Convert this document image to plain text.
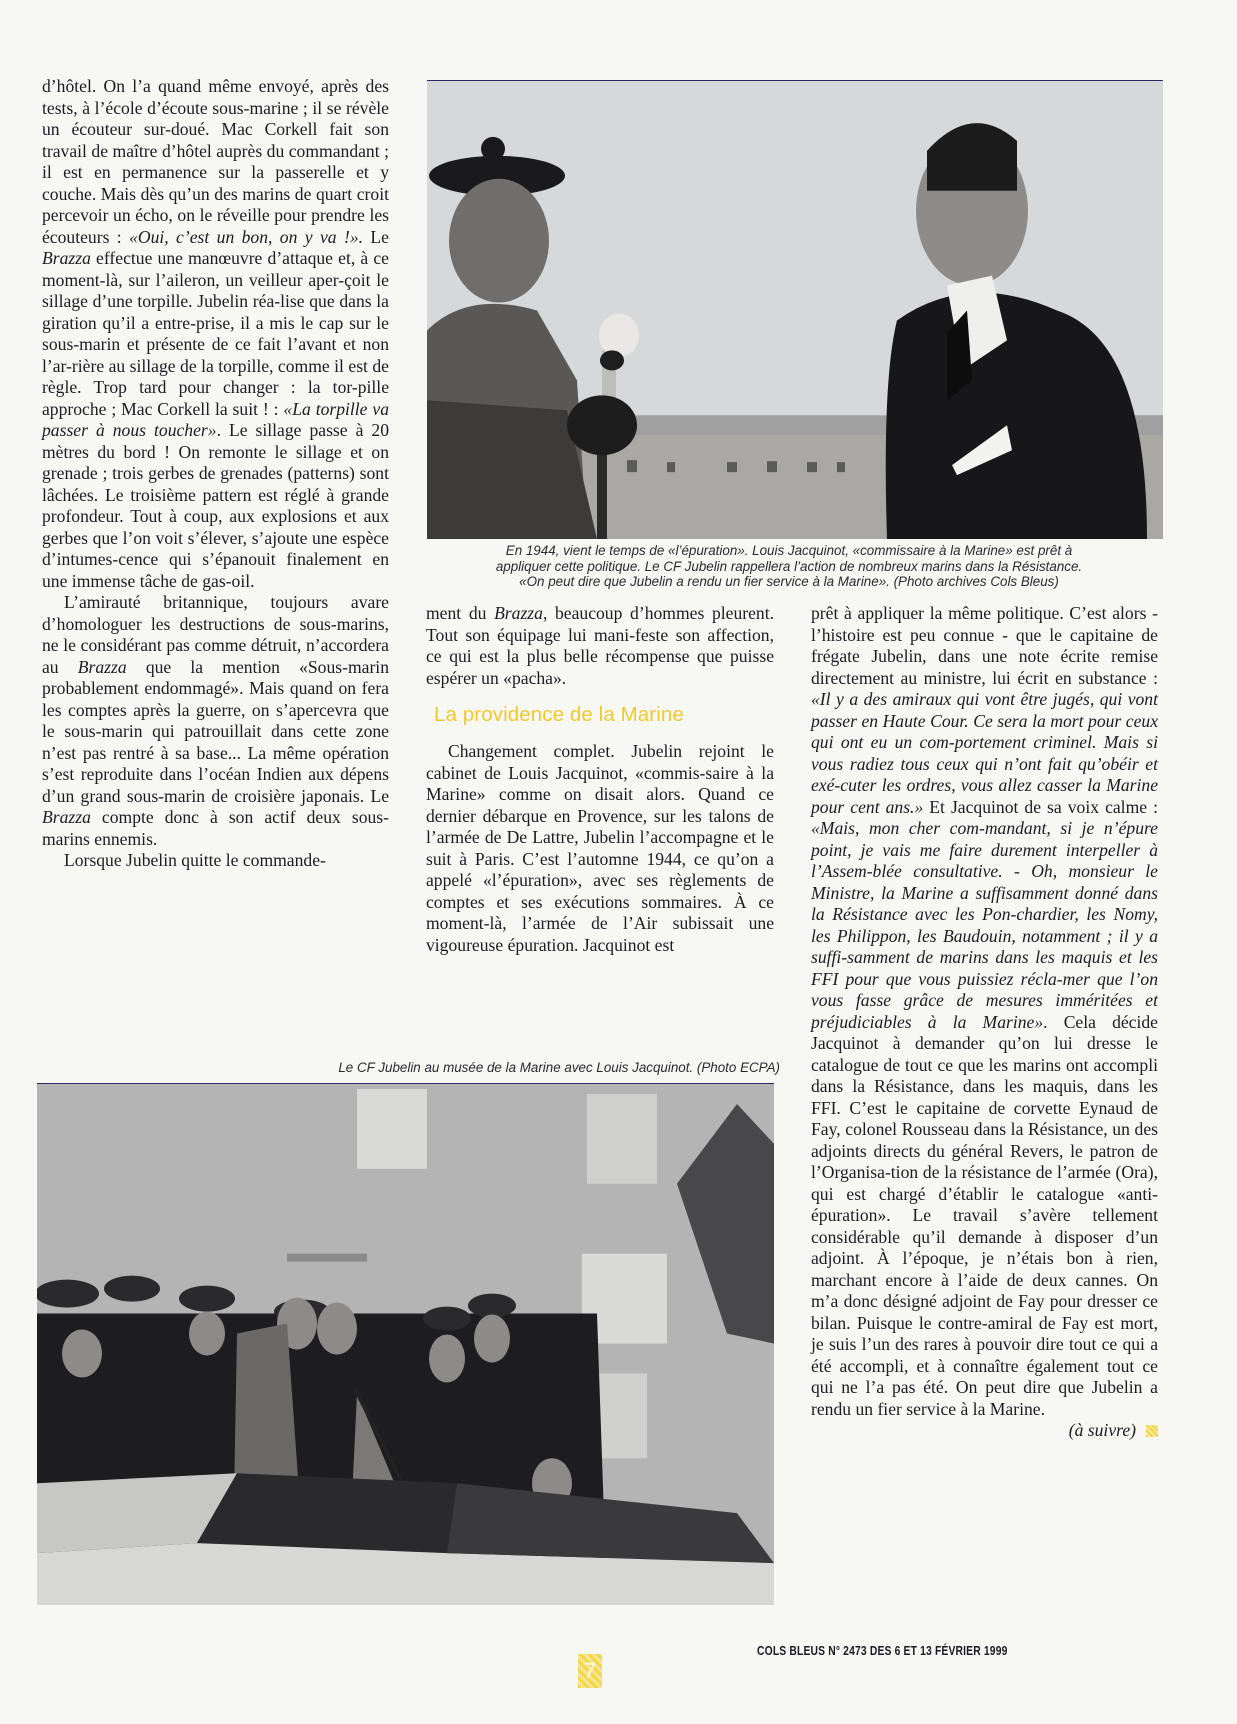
d’hôtel. On l’a quand même envoyé, après des tests, à l’école d’écoute sous-marine ; il se révèle un écouteur sur-doué. Mac Corkell fait son travail de maître d’hôtel auprès du commandant ; il est en permanence sur la passerelle et y couche. Mais dès qu’un des marins de quart croit percevoir un écho, on le réveille pour prendre les écouteurs : «Oui, c’est un bon, on y va !». Le Brazza effectue une manœuvre d’attaque et, à ce moment-là, sur l’aileron, un veilleur aper-çoit le sillage d’une torpille. Jubelin réa-lise que dans la giration qu’il a entre-prise, il a mis le cap sur le sous-marin et présente de ce fait l’avant et non l’ar-rière au sillage de la torpille, comme il est de règle. Trop tard pour changer : la tor-pille approche ; Mac Corkell la suit ! : «La torpille va passer à nous toucher». Le sillage passe à 20 mètres du bord ! On remonte le sillage et on grenade ; trois gerbes de grenades (patterns) sont lâchées. Le troisième pattern est réglé à grande profondeur. Tout à coup, aux explosions et aux gerbes que l’on voit s’élever, s’ajoute une espèce d’intumes-cence qui s’épanouit finalement en une immense tâche de gas-oil.

L’amirauté britannique, toujours avare d’homologuer les destructions de sous-marins, ne le considérant pas comme détruit, n’accordera au Brazza que la mention «Sous-marin probablement endommagé». Mais quand on fera les comptes après la guerre, on s’apercevra que le sous-marin qui patrouillait dans cette zone n’est pas rentré à sa base... La même opération s’est reproduite dans l’océan Indien aux dépens d’un grand sous-marin de croisière japonais. Le Brazza compte donc à son actif deux sous-marins ennemis.

Lorsque Jubelin quitte le commande-

En 1944, vient le temps de «l’épuration». Louis Jacquinot, «commissaire à la Marine» est prêt à
appliquer cette politique. Le CF Jubelin rappellera l’action de nombreux marins dans la Résistance.
«On peut dire que Jubelin a rendu un fier service à la Marine». (Photo archives Cols Bleus)

ment du Brazza, beaucoup d’hommes pleurent. Tout son équipage lui mani-feste son affection, ce qui est la plus belle récompense que puisse espérer un «pacha».

La providence de la Marine

Changement complet. Jubelin rejoint le cabinet de Louis Jacquinot, «commis-saire à la Marine» comme on disait alors. Quand ce dernier débarque en Provence, sur les talons de l’armée de De Lattre, Jubelin l’accompagne et le suit à Paris. C’est l’automne 1944, ce qu’on a appelé «l’épuration», avec ses règlements de comptes et ses exécutions sommaires. À ce moment-là, l’armée de l’Air subissait une vigoureuse épuration. Jacquinot est

prêt à appliquer la même politique. C’est alors - l’histoire est peu connue - que le capitaine de frégate Jubelin, dans une note écrite remise directement au ministre, lui écrit en substance : «Il y a des amiraux qui vont être jugés, qui vont passer en Haute Cour. Ce sera la mort pour ceux qui ont eu un com-portement criminel. Mais si vous radiez tous ceux qui n’ont fait qu’obéir et exé-cuter les ordres, vous allez casser la Marine pour cent ans.» Et Jacquinot de sa voix calme : «Mais, mon cher com-mandant, si je n’épure point, je vais me faire durement interpeller à l’Assem-blée consultative. - Oh, monsieur le Ministre, la Marine a suffisamment donné dans la Résistance avec les Pon-chardier, les Nomy, les Philippon, les Baudouin, notamment ; il y a suffi-samment de marins dans les maquis et les FFI pour que vous puissiez récla-mer que l’on vous fasse grâce de mesures imméritées et préjudiciables à la Marine». Cela décide Jacquinot à demander qu’on lui dresse le catalogue de tout ce que les marins ont accompli dans la Résistance, dans les maquis, dans les FFI. C’est le capitaine de corvette Eynaud de Fay, colonel Rousseau dans la Résistance, un des adjoints directs du général Revers, le patron de l’Organisa-tion de la résistance de l’armée (Ora), qui est chargé d’établir le catalogue «anti-épuration». Le travail s’avère tellement considérable qu’il demande à disposer d’un adjoint. À l’époque, je n’étais bon à rien, marchant encore à l’aide de deux cannes. On m’a donc désigné adjoint de Fay pour dresser ce bilan. Puisque le contre-amiral de Fay est mort, je suis l’un des rares à pouvoir dire tout ce qui a été accompli, et à connaître également tout ce qui ne l’a pas été. On peut dire que Jubelin a rendu un fier service à la Marine.

(à suivre)

Le CF Jubelin au musée de la Marine avec Louis Jacquinot. (Photo ECPA)
7
COLS BLEUS N° 2473 DES 6 ET 13 FÉVRIER 1999
